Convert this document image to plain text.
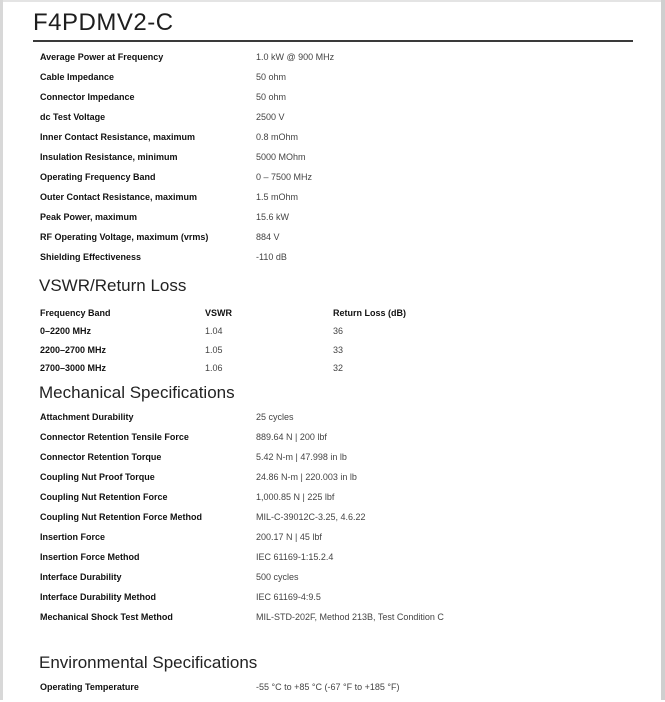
F4PDMV2-C
Average Power at Frequency	1.0 kW @ 900 MHz
Cable Impedance	50 ohm
Connector Impedance	50 ohm
dc Test Voltage	2500 V
Inner Contact Resistance, maximum	0.8 mOhm
Insulation Resistance, minimum	5000 MOhm
Operating Frequency Band	0 – 7500 MHz
Outer Contact Resistance, maximum	1.5 mOhm
Peak Power, maximum	15.6 kW
RF Operating Voltage, maximum (vrms)	884 V
Shielding Effectiveness	-110 dB
VSWR/Return Loss
Frequency Band	VSWR	Return Loss (dB)
0–2200 MHz	1.04	36
2200–2700 MHz	1.05	33
2700–3000 MHz	1.06	32
Mechanical Specifications
Attachment Durability	25 cycles
Connector Retention Tensile Force	889.64 N | 200 lbf
Connector Retention Torque	5.42 N-m | 47.998 in lb
Coupling Nut Proof Torque	24.86 N-m | 220.003 in lb
Coupling Nut Retention Force	1,000.85 N | 225 lbf
Coupling Nut Retention Force Method	MIL-C-39012C-3.25, 4.6.22
Insertion Force	200.17 N | 45 lbf
Insertion Force Method	IEC 61169-1:15.2.4
Interface Durability	500 cycles
Interface Durability Method	IEC 61169-4:9.5
Mechanical Shock Test Method	MIL-STD-202F, Method 213B, Test Condition C
Environmental Specifications
Operating Temperature	-55 °C to +85 °C (-67 °F to +185 °F)
